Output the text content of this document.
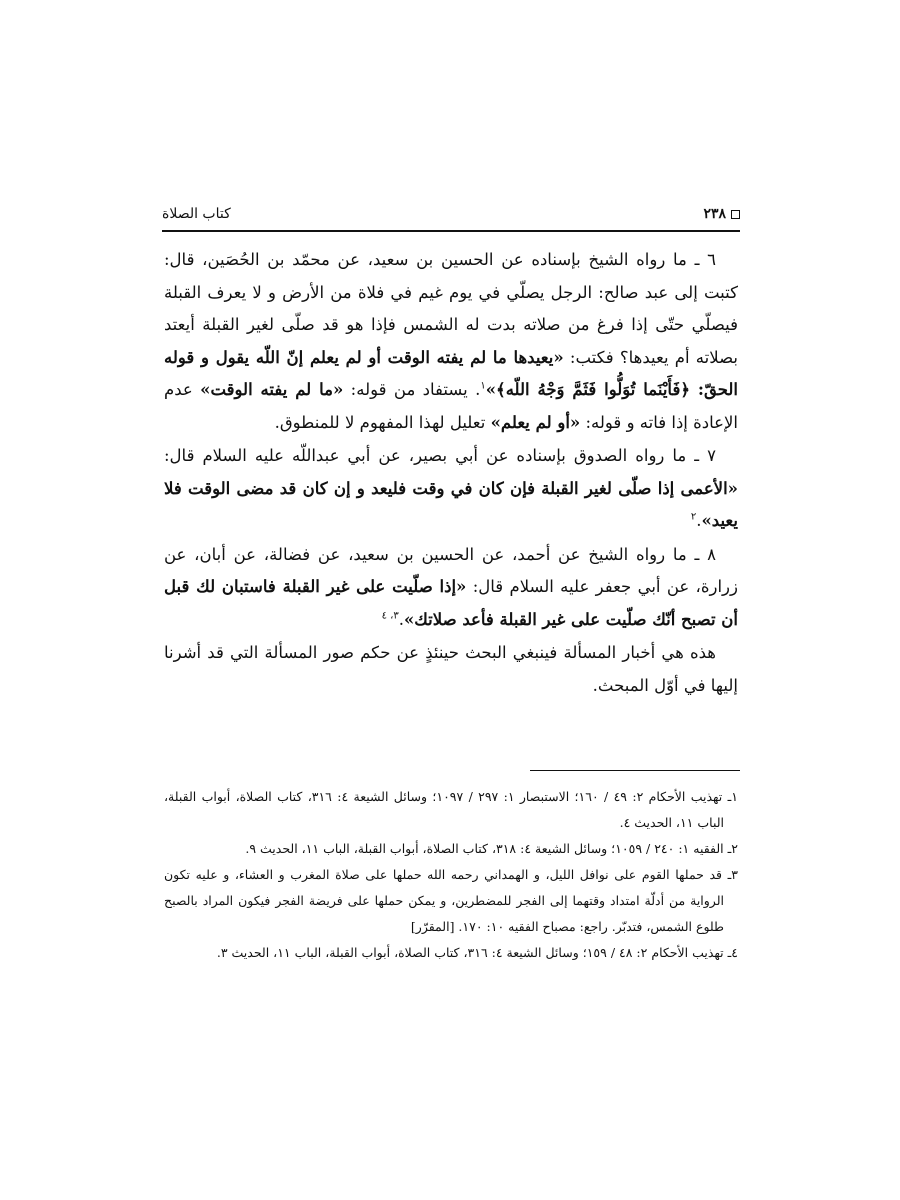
٢٣٨
كتاب الصلاة

٦ ـ ما رواه الشيخ بإسناده عن الحسين بن سعيد، عن محمّد بن الحُصَين، قال: كتبت إلى عبد صالح: الرجل يصلّي في يوم غيم في فلاة من الأرض و لا يعرف القبلة فيصلّي حتّى إذا فرغ من صلاته بدت له الشمس فإذا هو قد صلّى لغير القبلة أيعتد بصلاته أم يعيدها؟ فكتب: «يعيدها ما لم يفته الوقت أو لم يعلم إنّ اللّه يقول و قوله الحقّ: ﴿فَأَيْنَما تُوَلُّوا فَثَمَّ وَجْهُ اللّه﴾»$^١$. يستفاد من قوله: «ما لم يفته الوقت» عدم الإعادة إذا فاته و قوله: «أو لم يعلم» تعليل لهذا المفهوم لا للمنطوق.

٧ ـ ما رواه الصدوق بإسناده عن أبي بصير، عن أبي عبداللّه عليه السلام قال: «الأعمى إذا صلّى لغير القبلة فإن كان في وقت فليعد و إن كان قد مضى الوقت فلا يعيد».$^٢$

٨ ـ ما رواه الشيخ عن أحمد، عن الحسين بن سعيد، عن فضالة، عن أبان، عن زرارة، عن أبي جعفر عليه السلام قال: «إذا صلّيت على غير القبلة فاستبان لك قبل أن تصبح أنّك صلّيت على غير القبلة فأعد صلاتك».$^{٣، ٤}$

هذه هي أخبار المسألة فينبغي البحث حينئذٍ عن حكم صور المسألة التي قد أشرنا إليها في أوّل المبحث.

١ـ تهذيب الأحكام ٢: ٤٩ / ١٦٠؛ الاستبصار ١: ٢٩٧ / ١٠٩٧؛ وسائل الشيعة ٤: ٣١٦، كتاب الصلاة، أبواب القبلة، الباب ١١، الحديث ٤.

٢ـ الفقيه ١: ٢٤٠ / ١٠٥٩؛ وسائل الشيعة ٤: ٣١٨، كتاب الصلاة، أبواب القبلة، الباب ١١، الحديث ٩.

٣ـ قد حملها القوم على نوافل الليل، و الهمداني رحمه الله حملها على صلاة المغرب و العشاء، و عليه تكون الرواية من أدلّة امتداد وقتهما إلى الفجر للمضطرين، و يمكن حملها على فريضة الفجر فيكون المراد بالصبح طلوع الشمس، فتدبّر. راجع: مصباح الفقيه ١٠: ١٧٠. [المقرّر]

٤ـ تهذيب الأحكام ٢: ٤٨ / ١٥٩؛ وسائل الشيعة ٤: ٣١٦، كتاب الصلاة، أبواب القبلة، الباب ١١، الحديث ٣.
